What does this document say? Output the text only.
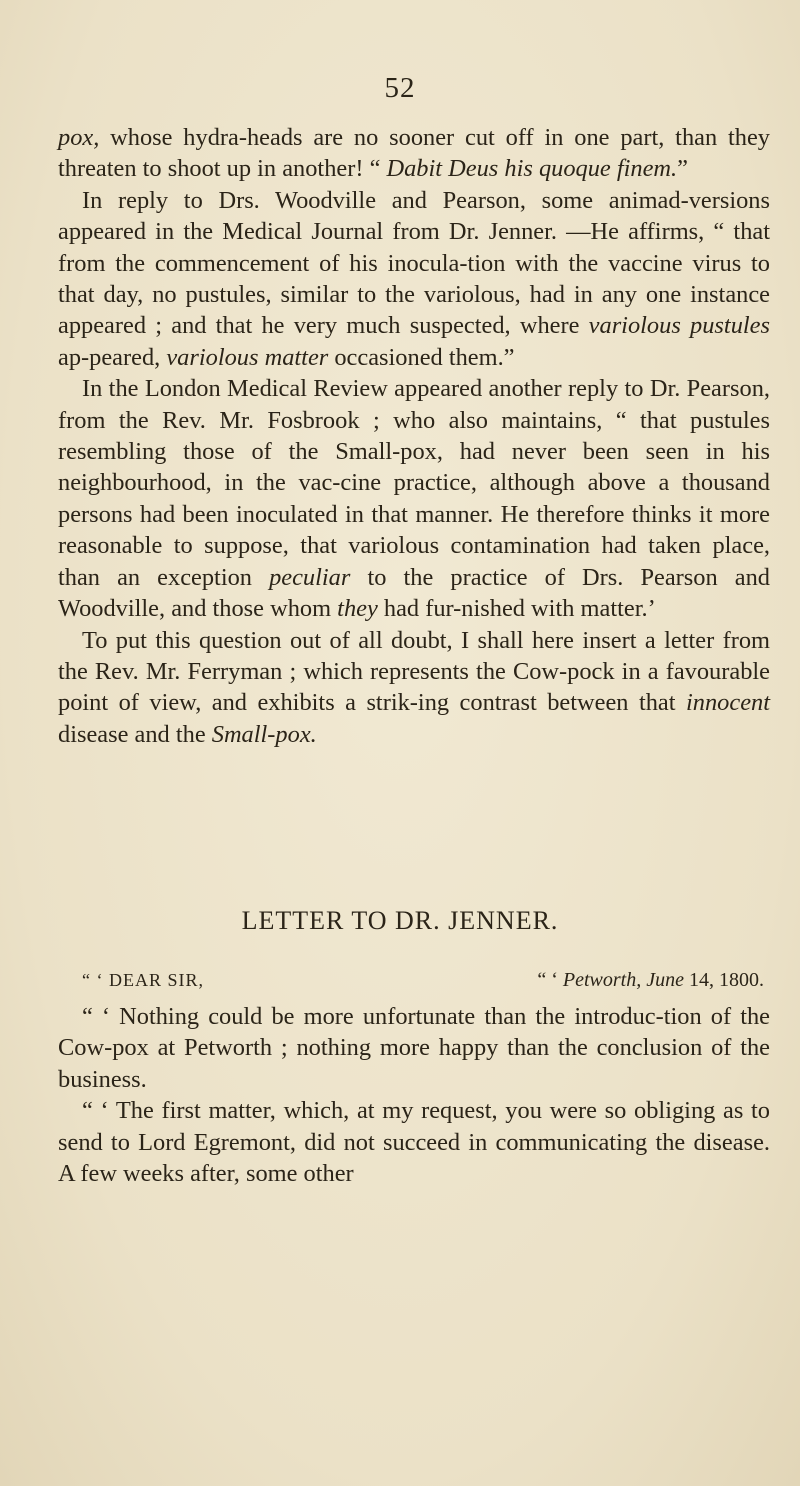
52

pox, whose hydra-heads are no sooner cut off in one part, than they threaten to shoot up in another! “ Dabit Deus his quoque finem.”

In reply to Drs. Woodville and Pearson, some animad-versions appeared in the Medical Journal from Dr. Jenner. —He affirms, “ that from the commencement of his inocula-tion with the vaccine virus to that day, no pustules, similar to the variolous, had in any one instance appeared ; and that he very much suspected, where variolous pustules ap-peared, variolous matter occasioned them.”

In the London Medical Review appeared another reply to Dr. Pearson, from the Rev. Mr. Fosbrook ; who also maintains, “ that pustules resembling those of the Small-pox, had never been seen in his neighbourhood, in the vac-cine practice, although above a thousand persons had been inoculated in that manner. He therefore thinks it more reasonable to suppose, that variolous contamination had taken place, than an exception peculiar to the practice of Drs. Pearson and Woodville, and those whom they had fur-nished with matter.’

To put this question out of all doubt, I shall here insert a letter from the Rev. Mr. Ferryman ; which represents the Cow-pock in a favourable point of view, and exhibits a strik-ing contrast between that innocent disease and the Small-pox.

LETTER TO DR. JENNER.

“ ‘ DEAR SIR,	“ ‘ Petworth, June 14, 1800.

“ ‘ Nothing could be more unfortunate than the introduc-tion of the Cow-pox at Petworth ; nothing more happy than the conclusion of the business.

“ ‘ The first matter, which, at my request, you were so obliging as to send to Lord Egremont, did not succeed in communicating the disease. A few weeks after, some other
